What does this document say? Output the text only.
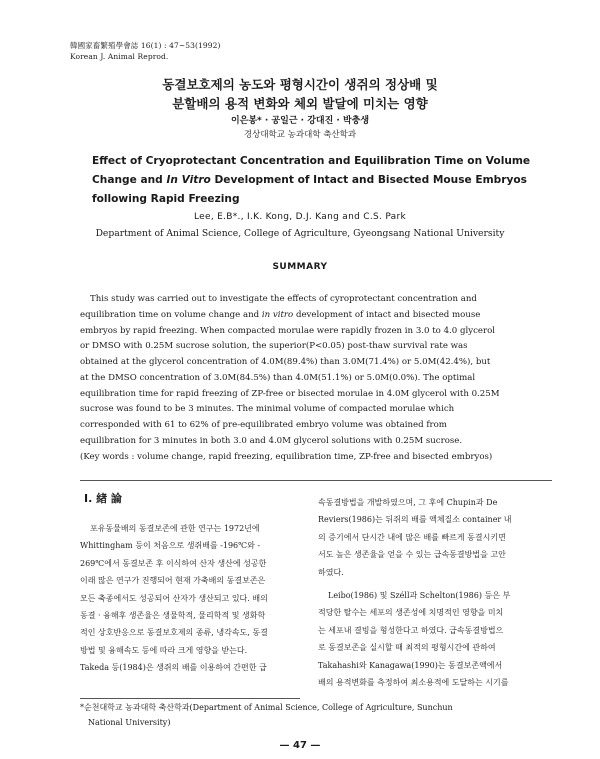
韓國家畜繁殖學會誌 16(1) : 47~53(1992)
Korean J. Animal Reprod.
동결보호제의 농도와 평형시간이 생쥐의 정상배 및
분할배의 용적 변화와 체외 발달에 미치는 영향
이은봉* · 공일근 · 강대진 · 박충생
경상대학교 농과대학 축산학과
Effect of Cryoprotectant Concentration and Equilibration Time on Volume
Change and In Vitro Development of Intact and Bisected Mouse Embryos
following Rapid Freezing
Lee, E.B*., I.K. Kong, D.J. Kang and C.S. Park
Department of Animal Science, College of Agriculture, Gyeongsang National University
SUMMARY
This study was carried out to investigate the effects of cyroprotectant concentration and
equilibration time on volume change and in vitro development of intact and bisected mouse
embryos by rapid freezing. When compacted morulae were rapidly frozen in 3.0 to 4.0 glycerol
or DMSO with 0.25M sucrose solution, the superior(P<0.05) post-thaw survival rate was
obtained at the glycerol concentration of 4.0M(89.4%) than 3.0M(71.4%) or 5.0M(42.4%), but
at the DMSO concentration of 3.0M(84.5%) than 4.0M(51.1%) or 5.0M(0.0%). The optimal
equilibration time for rapid freezing of ZP-free or bisected morulae in 4.0M glycerol with 0.25M
sucrose was found to be 3 minutes. The minimal volume of compacted morulae which
corresponded with 61 to 62% of pre-equilibrated embryo volume was obtained from
equilibration for 3 minutes in both 3.0 and 4.0M glycerol solutions with 0.25M sucrose.
(Key words : volume change, rapid freezing, equilibration time, ZP-free and bisected embryos)
I. 緖 論
포유동물배의 동결보존에 관한 연구는 1972년에
Whittingham 등이 처음으로 생쥐배를 -196℃와 -
269℃에서 동결보존 후 이식하여 산자 생산에 성공한
이래 많은 연구가 진행되어 현재 가축배의 동결보존은
모든 축종에서도 성공되어 산자가 생산되고 있다. 배의
동결 · 융해후 생존율은 생물학적, 물리학적 및 생화학
적인 상호반응으로 동결보호제의 종류, 냉각속도, 동결
방법 및 융해속도 등에 따라 크게 영향을 받는다.
Takeda 등(1984)은 생쥐의 배를 이용하여 간편한 급
속동결방법을 개발하였으며, 그 후에 Chupin과 De
Reviers(1986)는 뒤쥐의 배를 액체질소 container 내
의 증기에서 단시간 내에 많은 배를 빠르게 동결시키면
서도 높은 생존율을 얻을 수 있는 급속동결방법을 고안
하였다.
Leibo(1986) 및 Széll과 Schelton(1986) 등은 부
적당한 탈수는 세포의 생존성에 치명적인 영향을 미치
는 세포내 결빙을 형성한다고 하였다. 급속동결방법으
로 동결보존을 실시할 때 최적의 평형시간에 관하여
Takahashi와 Kanagawa(1990)는 동결보존액에서
배의 용적변화를 측정하여 최소용적에 도달하는 시기를
*순천대학교 농과대학 축산학과(Department of Animal Science, College of Agriculture, Sunchun
National University)
— 47 —
